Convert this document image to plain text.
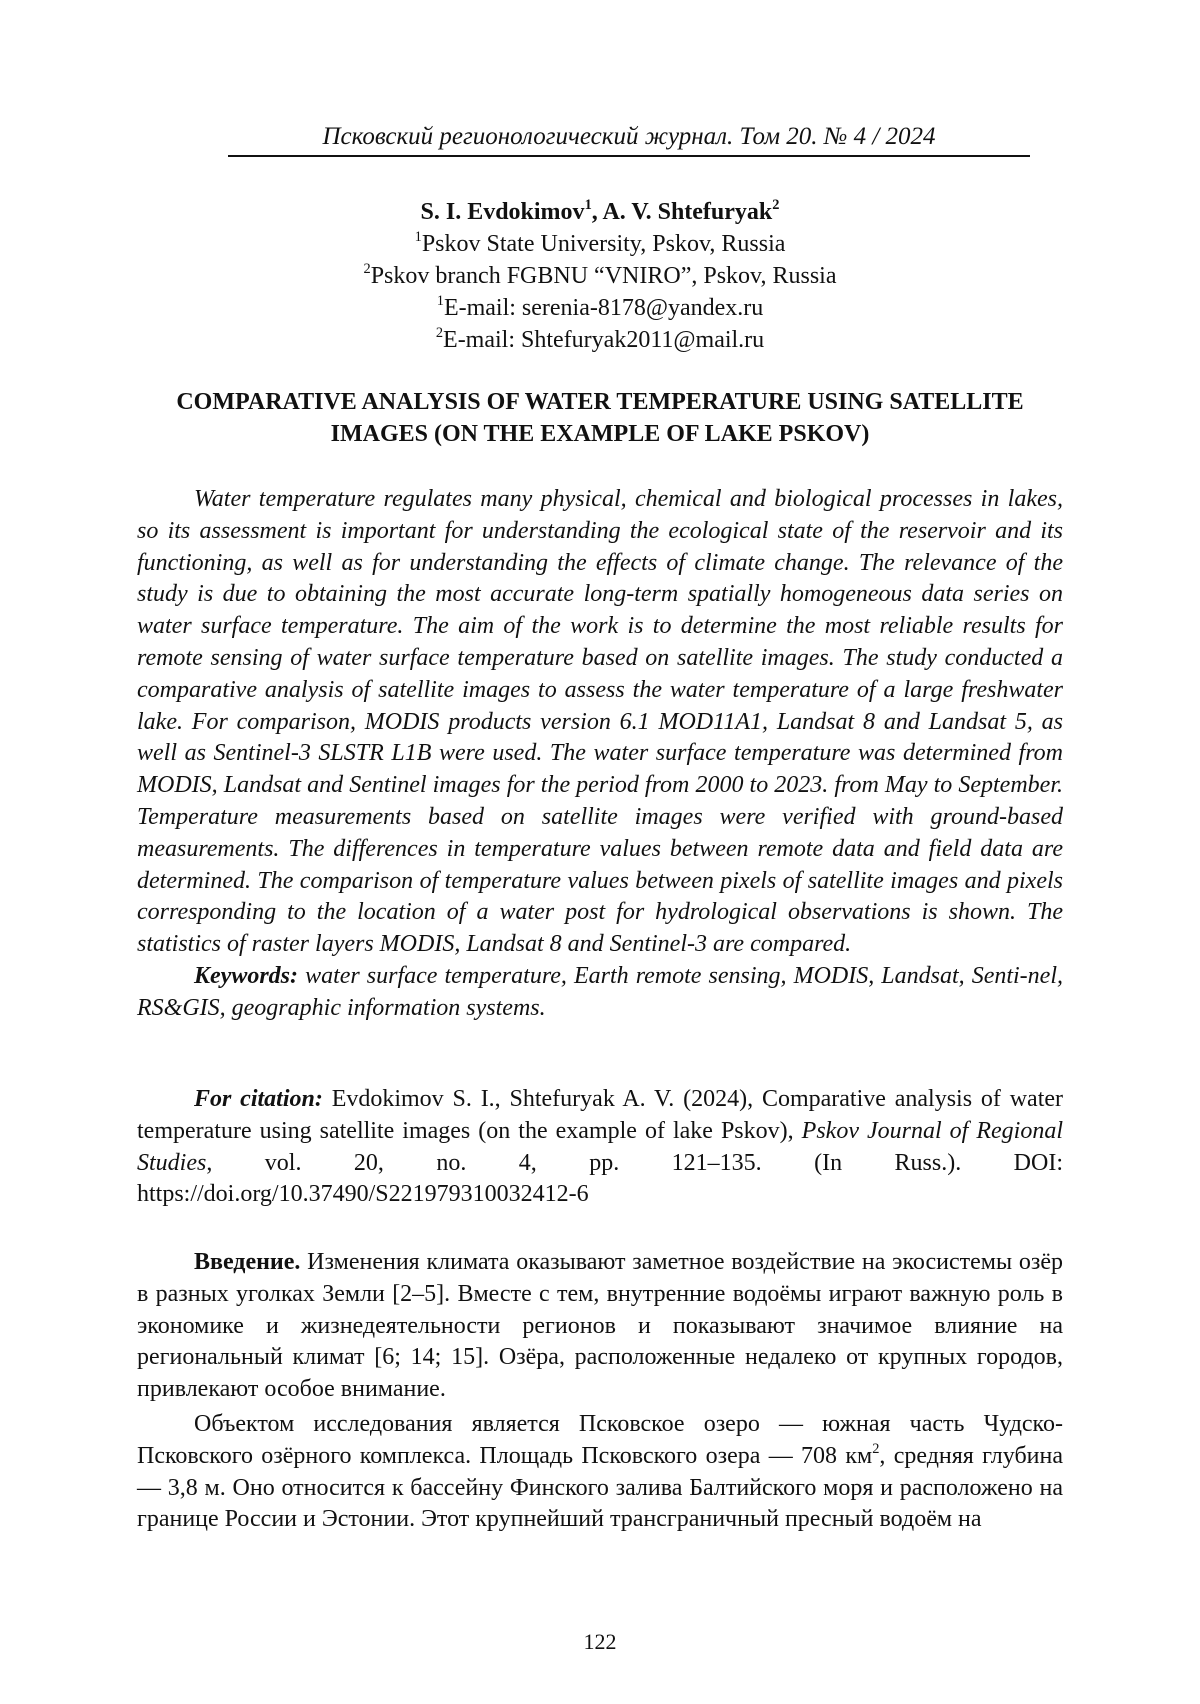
Псковский регионологический журнал. Том 20. № 4 / 2024
S. I. Evdokimov1, A. V. Shtefuryak2
1Pskov State University, Pskov, Russia
2Pskov branch FGBNU “VNIRO”, Pskov, Russia
1E-mail: serenia-8178@yandex.ru
2E-mail: Shtefuryak2011@mail.ru
COMPARATIVE ANALYSIS OF WATER TEMPERATURE USING SATELLITE
IMAGES (ON THE EXAMPLE OF LAKE PSKOV)

Water temperature regulates many physical, chemical and biological processes in lakes, so its assessment is important for understanding the ecological state of the reservoir and its functioning, as well as for understanding the effects of climate change. The relevance of the study is due to obtaining the most accurate long-term spatially homogeneous data series on water surface temperature. The aim of the work is to determine the most reliable results for remote sensing of water surface temperature based on satellite images. The study conducted a comparative analysis of satellite images to assess the water temperature of a large freshwater lake. For comparison, MODIS products version 6.1 MOD11A1, Landsat 8 and Landsat 5, as well as Sentinel-3 SLSTR L1B were used. The water surface temperature was determined from MODIS, Landsat and Sentinel images for the period from 2000 to 2023. from May to September. Temperature measurements based on satellite images were verified with ground-based measurements. The differences in temperature values between remote data and field data are determined. The comparison of temperature values between pixels of satellite images and pixels corresponding to the location of a water post for hydrological observations is shown. The statistics of raster layers MODIS, Landsat 8 and Sentinel-3 are compared.

Keywords: water surface temperature, Earth remote sensing, MODIS, Landsat, Senti-nel, RS&GIS, geographic information systems.

For citation: Evdokimov S. I., Shtefuryak A. V. (2024), Comparative analysis of water temperature using satellite images (on the example of lake Pskov), Pskov Journal of Regional Studies, vol. 20, no. 4, pp. 121–135. (In Russ.). DOI: https://doi.org/10.37490/S221979310032412-6

Введение. Изменения климата оказывают заметное воздействие на экосистемы озёр в разных уголках Земли [2–5]. Вместе с тем, внутренние водоёмы играют важную роль в экономике и жизнедеятельности регионов и показывают значимое влияние на региональный климат [6; 14; 15]. Озёра, расположенные недалеко от крупных городов, привлекают особое внимание.

Объектом исследования является Псковское озеро — южная часть Чудско-Псковского озёрного комплекса. Площадь Псковского озера — 708 км2, средняя глубина — 3,8 м. Оно относится к бассейну Финского залива Балтийского моря и расположено на границе России и Эстонии. Этот крупнейший трансграничный пресный водоём на

122
